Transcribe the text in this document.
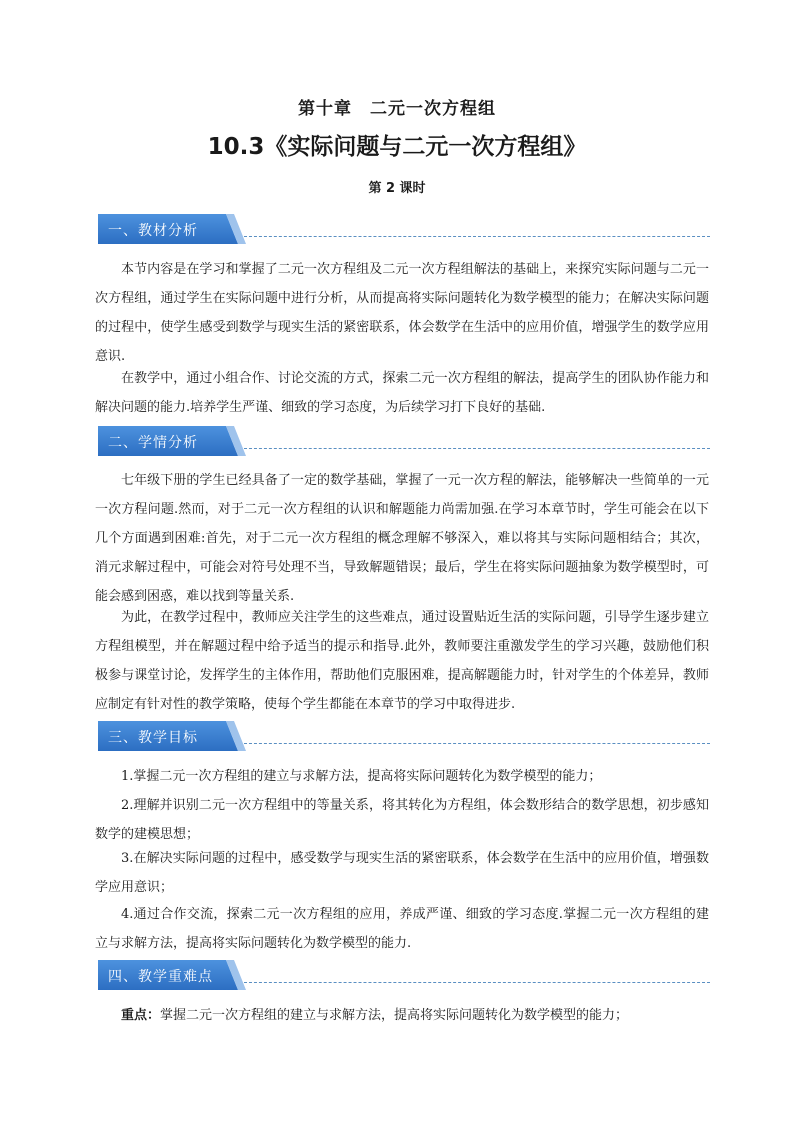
第十章　二元一次方程组
10.3《实际问题与二元一次方程组》
第 2 课时
一、教材分析
本节内容是在学习和掌握了二元一次方程组及二元一次方程组解法的基础上，来探究实际问题与二元一次方程组，通过学生在实际问题中进行分析，从而提高将实际问题转化为数学模型的能力；在解决实际问题的过程中，使学生感受到数学与现实生活的紧密联系，体会数学在生活中的应用价值，增强学生的数学应用意识.
在教学中，通过小组合作、讨论交流的方式，探索二元一次方程组的解法，提高学生的团队协作能力和解决问题的能力.培养学生严谨、细致的学习态度，为后续学习打下良好的基础.
二、学情分析
七年级下册的学生已经具备了一定的数学基础，掌握了一元一次方程的解法，能够解决一些简单的一元一次方程问题.然而，对于二元一次方程组的认识和解题能力尚需加强.在学习本章节时，学生可能会在以下几个方面遇到困难:首先，对于二元一次方程组的概念理解不够深入，难以将其与实际问题相结合；其次，消元求解过程中，可能会对符号处理不当，导致解题错误；最后，学生在将实际问题抽象为数学模型时，可能会感到困惑，难以找到等量关系.
为此，在教学过程中，教师应关注学生的这些难点，通过设置贴近生活的实际问题，引导学生逐步建立方程组模型，并在解题过程中给予适当的提示和指导.此外，教师要注重激发学生的学习兴趣，鼓励他们积极参与课堂讨论，发挥学生的主体作用，帮助他们克服困难，提高解题能力时，针对学生的个体差异，教师应制定有针对性的教学策略，使每个学生都能在本章节的学习中取得进步.
三、教学目标
1.掌握二元一次方程组的建立与求解方法，提高将实际问题转化为数学模型的能力；
2.理解并识别二元一次方程组中的等量关系，将其转化为方程组，体会数形结合的数学思想，初步感知数学的建模思想；
3.在解决实际问题的过程中，感受数学与现实生活的紧密联系，体会数学在生活中的应用价值，增强数学应用意识；
4.通过合作交流，探索二元一次方程组的应用，养成严谨、细致的学习态度.掌握二元一次方程组的建立与求解方法，提高将实际问题转化为数学模型的能力.
四、教学重难点
重点：掌握二元一次方程组的建立与求解方法，提高将实际问题转化为数学模型的能力；
